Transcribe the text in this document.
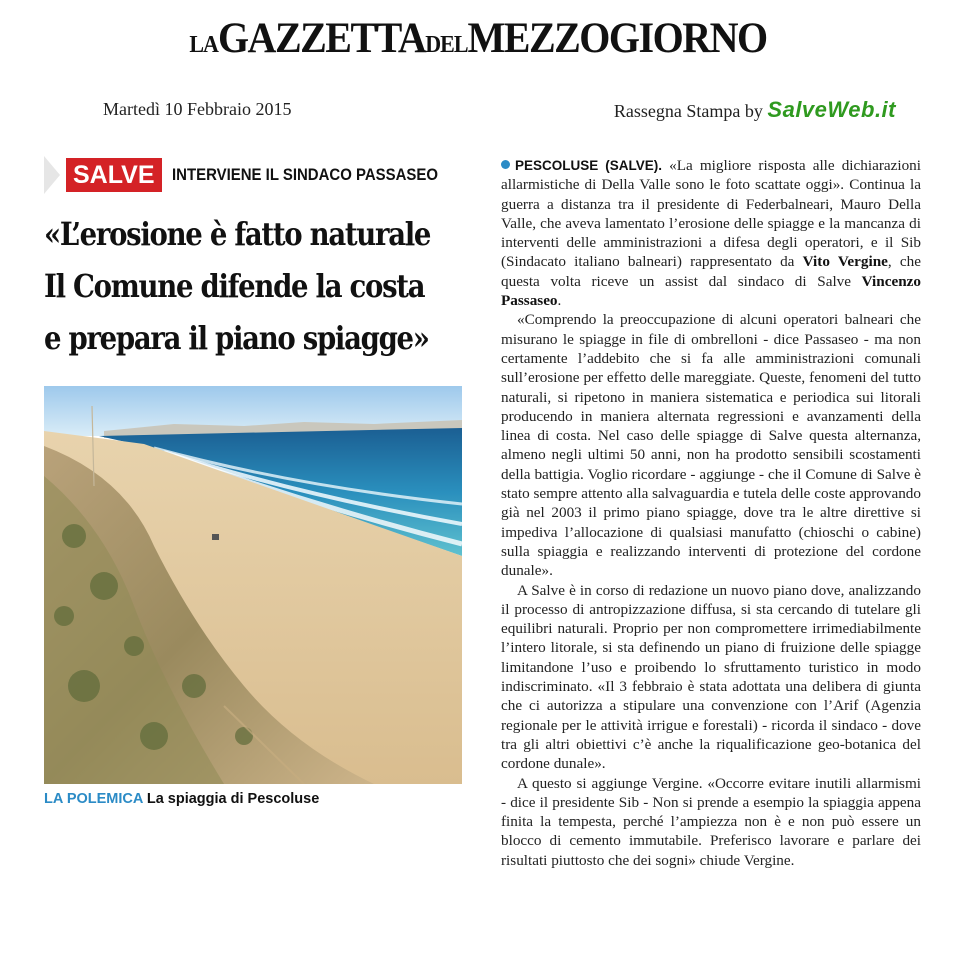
LAGAZZETTADELMEZZOGIORNO
Martedì 10 Febbraio 2015	Rassegna Stampa by SalveWeb.it
SALVE	INTERVIENE IL SINDACO PASSASEO
«L’erosione è fatto naturale
Il Comune difende la costa
e prepara il piano spiagge»
LA POLEMICA La spiaggia di Pescoluse

PESCOLUSE (SALVE). «La migliore risposta alle dichiarazioni allarmistiche di Della Valle sono le foto scattate oggi». Continua la guerra a distanza tra il presidente di Federbalneari, Mauro Della Valle, che aveva lamentato l’erosione delle spiagge e la mancanza di interventi delle amministrazioni a difesa degli operatori, e il Sib (Sindacato italiano balneari) rappresentato da Vito Vergine, che questa volta riceve un assist dal sindaco di Salve Vincenzo Passaseo.

«Comprendo la preoccupazione di alcuni operatori balneari che misurano le spiagge in file di ombrelloni - dice Passaseo - ma non certamente l’addebito che si fa alle amministrazioni comunali sull’erosione per effetto delle mareggiate. Queste, fenomeni del tutto naturali, si ripetono in maniera sistematica e periodica sui litorali producendo in maniera alternata regressioni e avanzamenti della linea di costa. Nel caso delle spiagge di Salve questa alternanza, almeno negli ultimi 50 anni, non ha prodotto sensibili scostamenti della battigia. Voglio ricordare - aggiunge - che il Comune di Salve è stato sempre attento alla salvaguardia e tutela delle coste approvando già nel 2003 il primo piano spiagge, dove tra le altre direttive si impediva l’allocazione di qualsiasi manufatto (chioschi o cabine) sulla spiaggia e realizzando interventi di protezione del cordone dunale».

A Salve è in corso di redazione un nuovo piano dove, analizzando il processo di antropizzazione diffusa, si sta cercando di tutelare gli equilibri naturali. Proprio per non compromettere irrimediabilmente l’intero litorale, si sta definendo un piano di fruizione delle spiagge limitandone l’uso e proibendo lo sfruttamento turistico in modo indiscriminato. «Il 3 febbraio è stata adottata una delibera di giunta che ci autorizza a stipulare una convenzione con l’Arif (Agenzia regionale per le attività irrigue e forestali) - ricorda il sindaco - dove tra gli altri obiettivi c’è anche la riqualificazione geo-botanica del cordone dunale».

A questo si aggiunge Vergine. «Occorre evitare inutili allarmismi - dice il presidente Sib - Non si prende a esempio la spiaggia appena finita la tempesta, perché l’ampiezza non è e non può essere un blocco di cemento immutabile. Preferisco lavorare e parlare dei risultati piuttosto che dei sogni» chiude Vergine.
